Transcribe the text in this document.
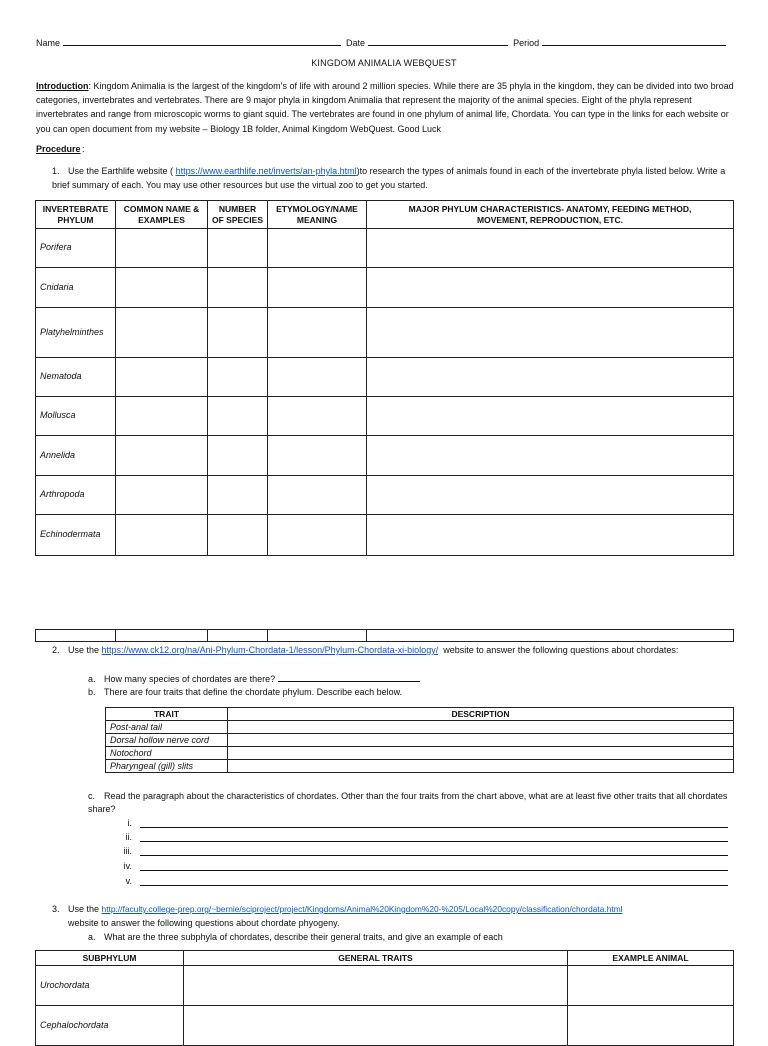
Name	Date	Period
KINGDOM ANIMALIA WEBQUEST
Introduction: Kingdom Animalia is the largest of the kingdom’s of life with around 2 million species. While there are 35 phyla in the kingdom, they can be divided into two broad categories, invertebrates and vertebrates. There are 9 major phyla in kingdom Animalia that represent the majority of the animal species. Eight of the phyla represent invertebrates and range from microscopic worms to giant squid. The vertebrates are found in one phylum of animal life, Chordata. You can type in the links for each website or you can open document from my website – Biology 1B folder, Animal Kingdom WebQuest. Good Luck
Procedure :
1. Use the Earthlife website ( https://www.earthlife.net/inverts/an-phyla.html)to research the types of animals found in each of the invertebrate phyla listed below. Write a brief summary of each. You may use other resources but use the virtual zoo to get you started.
INVERTEBRATE PHYLUM	COMMON NAME & EXAMPLES	NUMBER OF SPECIES	ETYMOLOGY/NAME MEANING	MAJOR PHYLUM CHARACTERISTICS- ANATOMY, FEEDING METHOD, MOVEMENT, REPRODUCTION, ETC.
Porifera				
Cnidaria				
Platyhelminthes				
Nematoda				
Mollusca				
Annelida				
Arthropoda				
Echinodermata				

2. Use the https://www.ck12.org/na/Ani-Phylum-Chordata-1/lesson/Phylum-Chordata-xi-biology/ website to answer the following questions about chordates:
a. How many species of chordates are there?
b. There are four traits that define the chordate phylum. Describe each below.
TRAIT	DESCRIPTION
Post-anal tail	
Dorsal hollow nerve cord	
Notochord	
Pharyngeal (gill) slits	
c. Read the paragraph about the characteristics of chordates. Other than the four traits from the chart above, what are at least five other traits that all chordates share?
i.
ii.
iii.
iv.
v.
3. Use the http://faculty.college-prep.org/~bernie/sciproject/project/Kingdoms/Animal%20Kingdom%20-%205/Local%20copy/classification/chordata.html
website to answer the following questions about chordate phyogeny.
a. What are the three subphyla of chordates, describe their general traits, and give an example of each
SUBPHYLUM	GENERAL TRAITS	EXAMPLE ANIMAL
Urochordata		
Cephalochordata		
